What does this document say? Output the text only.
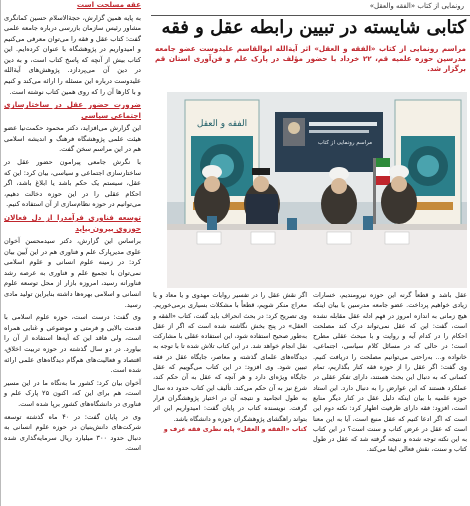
عقه مسلحت است

به پایه همین گزارش، حجةالاسلام حسین کمانگری مشاور رئیس سازمان بازرسی درباره جامعه علمی گفت: کتاب عقل و فقه را می‌توان معرفی می‌کنیم و امیدواریم در پژوهشگاه با عنوان کرده‌ایم. این کتاب بیش از آنچه که پاسخ کتاب است، و به دین در دین آن می‌پردازد. پژوهش‌های آیةالله علیدوست درباره این مسئله را ارائه می‌کند و کنیم و با کارها آن را که روی همین کتاب نوشته است.

ضرورت حضور عقل در ساختارسازی اجتماعی سیاسی

این گزارش می‌افزاید، دکتر محمود حکمت‌نیا عضو هیئت علمی پژوهشگاه فرهنگ و اندیشه اسلامی هم در این مراسم سخن گفت.

با نگرش جامعی پیرامون حضور عقل در ساختارسازی اجتماعی و سیاسی، بیان کرد: این که عقل، سیستم یک حکم باشد یا ابلاغ باشد، اگر احکام عقلی را در این حوزه دخالت دهیم، می‌توانیم در حوزه نظام‌سازی از آن استفاده کنیم.

توسعه فناوری فرآمدرا از دل فعالان حوزوی بیرون بیاید

براساس این گزارش، دکتر سید‌محسن آخوان علوی مدیرپارک علم و فناوری هم در این آیین بیان کرد: در زمینه علوم انسانی و علوم اسلامی نمی‌توان با تجمیع علم و فناوری به عرصه رشد فناورانه رسید، امروزه بازار از محل توسعه علوم انسانی و اسلامی بهره‌ها داشته بنابراین تولید مادی رسید.

وی گفت: درست است، حوزه علوم اسلامی با قدمت بالایی و فرمتی و موضوعی و غنایی همراه است، ولی فاقد این که آیه‌ها استفاده از آن را بیاورد. در دو سال گذشته در حوزه تربیت اخلاق، اقتصاد و فعالیت‌های هم‌گام دیدگاه‌های علمی ارائه شده است.

آخوان بیان کرد: کشور ما به‌نگاه ما در این مسیر است، هم برای این که، اکنون ۲۵ پارک علم و فناوری در دانشگاه‌های کشور برپا شده است.

وی در پایان گفت: در ۴۰ ماه گذشته توسعه شرکت‌های دانش‌بنیان در حوزه علوم انسانی به دنبال حدود ۳۰۰ میلیارد ریال سرمایه‌گذاری شده است.

رونمایی از کتاب «الفقه والعقل»
کتابی شایسته در تبیین رابطه عقل و فقه
مراسم رونمایی از کتاب «الفقه و العقل» اثر آیةالله ابوالقاسم علیدوست عضو جامعه مدرسین حوزه علمیه قم، ۲۲ خرداد با حضور مؤلف در پارک علم و فن‌آوری استان قم برگزار شد.
الفقه و العقل
مراسم رونمایی از کتاب

عقل باشد و قطعاً گرنه این حوزه نیرومندیم، خسارات زیادی خواهیم پرداخت. عضو جامعه مدرسین با بیان اینکه هیچ زمانی به اندازه امروز در فهم ادله عقل مقابله نشده است، گفت: این که عقل نمی‌تواند درک کند مصلحت احکام را در کدام آیه و روایت و با مبحث عقلی مطرح است؛ در حالی که در مسائل کلام سیاسی، اجتماعی، خانواده و... به‌راحتی می‌توانیم مصلحت را دریافت کنیم. وی گفت: اگر عقل را از حوزه فقه کنار بگذاریم، تمام کسانی که به دنبال این بحث هستند، دارای تفکر عقلی در عملکرد هستند که این عوارض را به دنبال دارد. این استاد حوزه علمیه با بیان اینکه دلیل عقل در کنار دیگر منابع است، افزود: فقه دارای ظرفیت اظهار کرد: نکته دوم این است که اگر ادعا کنیم که عقل منبع است، آیا به این معنا است که عقل در عرض کتاب و سنت است؟ در این کتاب به این نکته توجه شده و نتیجه گرفته شد که عقل در طول کتاب و سنت، نقش فعالی ایفا می‌کند.

اگر نقش عقل را در تفسیر روایات مهدوی و یا معاد و یا معراج منکر شویم، قطعاً با مشکلات بسیاری برمی‌خوریم. وی تصریح کرد: در بحث انحراف باید گفت، کتاب «الفقه و العقل» در پنج بخش نگاشته شده است که اگر از عقل به‌طور صحیح استفاده شود، این استفاده عقلی با مشارکت نقل انجام خواهد شد. در این کتاب تلاش شده تا با توجه به دیدگاه‌های علمای گذشته و معاصر، جایگاه عقل در فقه تبیین شود. وی افزود: در این کتاب می‌گوییم که عقل جایگاه ویژه‌ای دارد و هر آنچه که عقل به آن حکم کند، شرع نیز به آن حکم می‌کند. تألیف این کتاب حدود ده سال به طول انجامید و نتیجه آن در اختیار پژوهشگران قرار گرفت. نویسنده کتاب در پایان گفت: امیدواریم این اثر بتواند راهگشای پژوهشگران حوزه و دانشگاه باشد.

کتاب «الفقه و العقل» پایه نظری فقه عرف و
